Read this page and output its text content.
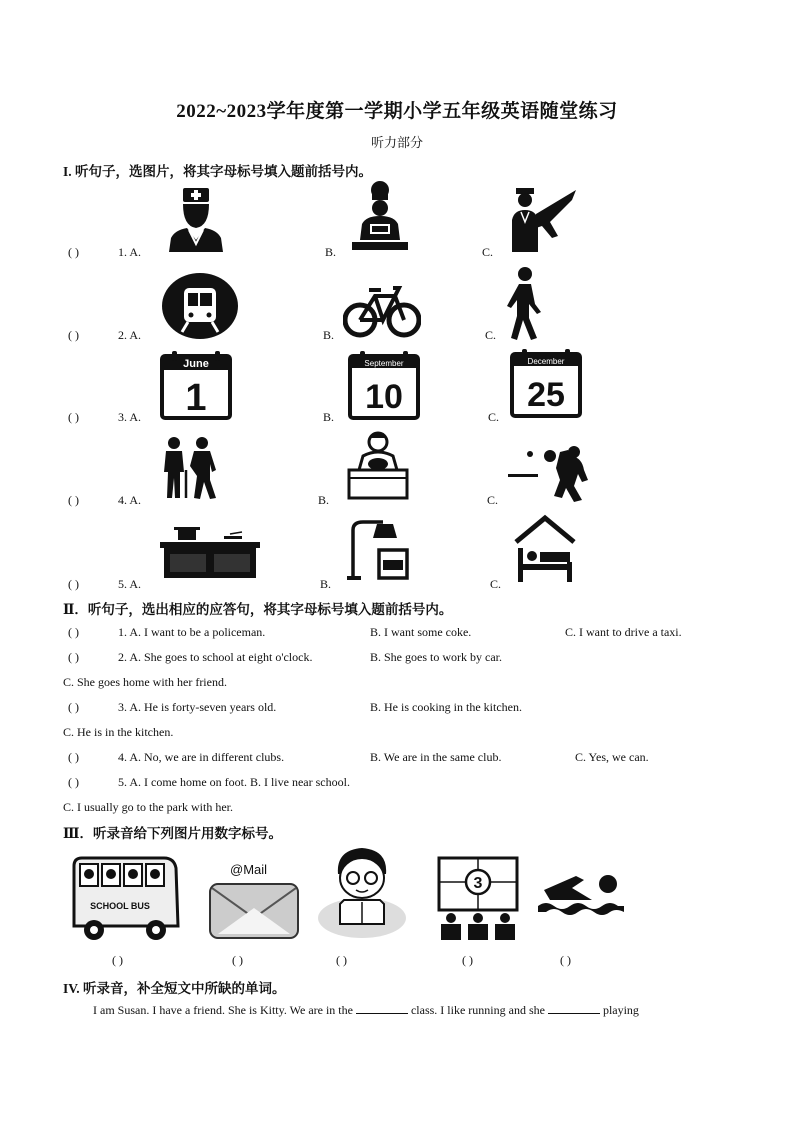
2022~2023学年度第一学期小学五年级英语随堂练习
听力部分
I. 听句子，选图片，将其字母标号填入题前括号内。
( )	1. A.	B.	C.
( )	2. A.	B.	C.
( )	3. A.	B.	C.
( )	4. A.	B.	C.
( )	5. A.	B.	C.
June
1
September
10
December
25
Ⅱ．听句子，选出相应的应答句，将其字母标号填入题前括号内。
( )	1. A. I want to be a policeman.	B. I want some coke.	C. I want to drive a taxi.
( )	2. A. She goes to school at eight o'clock.	B. She goes to work by car.
C. She goes home with her friend.
( )	3. A. He is forty-seven years old.	B. He is cooking in the kitchen.
C. He is in the kitchen.
( )	4. A. No, we are in different clubs.	B. We are in the same club.	C. Yes, we can.
( )	5. A. I come home on foot. B. I live near school.
C. I usually go to the park with her.
Ⅲ．听录音给下列图片用数字标号。
SCHOOL BUS
@Mail
3
( )	( )	( )	( )	( )
IV. 听录音，补全短文中所缺的单词。
I am Susan. I have a friend. She is Kitty. We are in the	class. I like running and she	playing
